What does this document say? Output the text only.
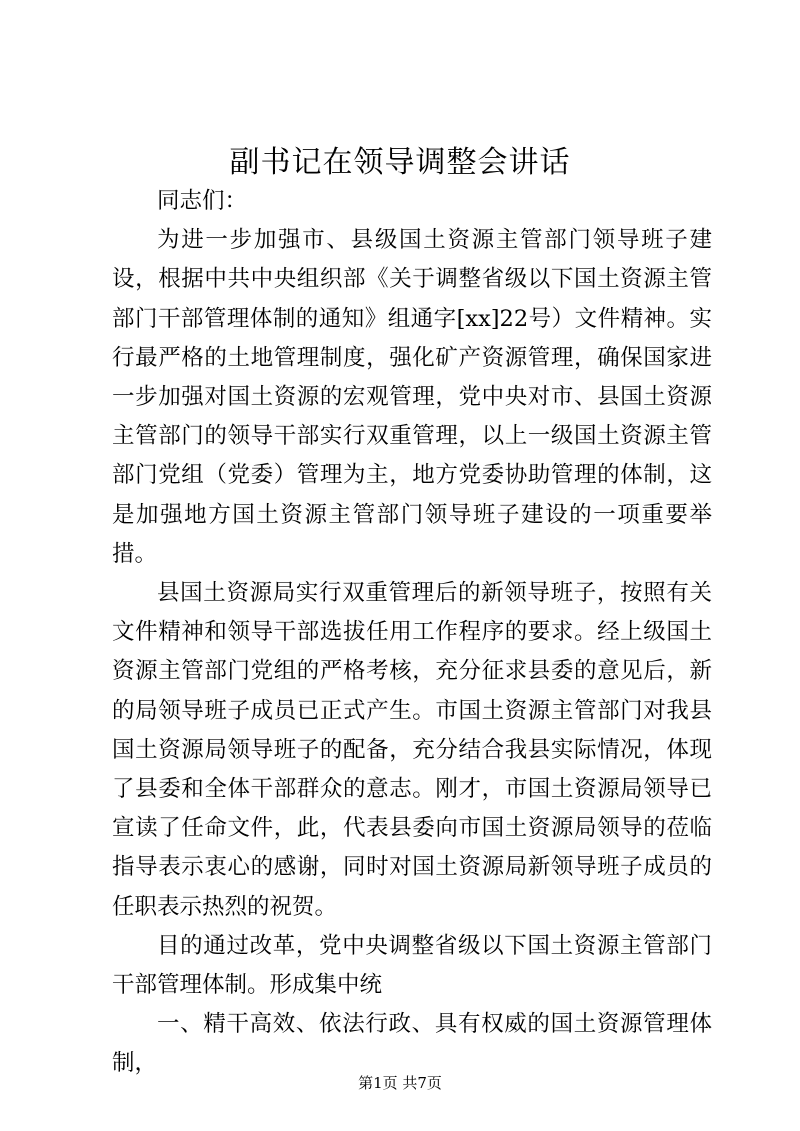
副书记在领导调整会讲话

同志们：

为进一步加强市、县级国土资源主管部门领导班子建设，根据中共中央组织部《关于调整省级以下国土资源主管部门干部管理体制的通知》组通字[xx]22号）文件精神。实行最严格的土地管理制度，强化矿产资源管理，确保国家进一步加强对国土资源的宏观管理，党中央对市、县国土资源主管部门的领导干部实行双重管理，以上一级国土资源主管部门党组（党委）管理为主，地方党委协助管理的体制，这是加强地方国土资源主管部门领导班子建设的一项重要举措。

县国土资源局实行双重管理后的新领导班子，按照有关文件精神和领导干部选拔任用工作程序的要求。经上级国土资源主管部门党组的严格考核，充分征求县委的意见后，新的局领导班子成员已正式产生。市国土资源主管部门对我县国土资源局领导班子的配备，充分结合我县实际情况，体现了县委和全体干部群众的意志。刚才，市国土资源局领导已宣读了任命文件，此，代表县委向市国土资源局领导的莅临指导表示衷心的感谢，同时对国土资源局新领导班子成员的任职表示热烈的祝贺。

目的通过改革，党中央调整省级以下国土资源主管部门干部管理体制。形成集中统

一、精干高效、依法行政、具有权威的国土资源管理体制，

第1页 共7页
